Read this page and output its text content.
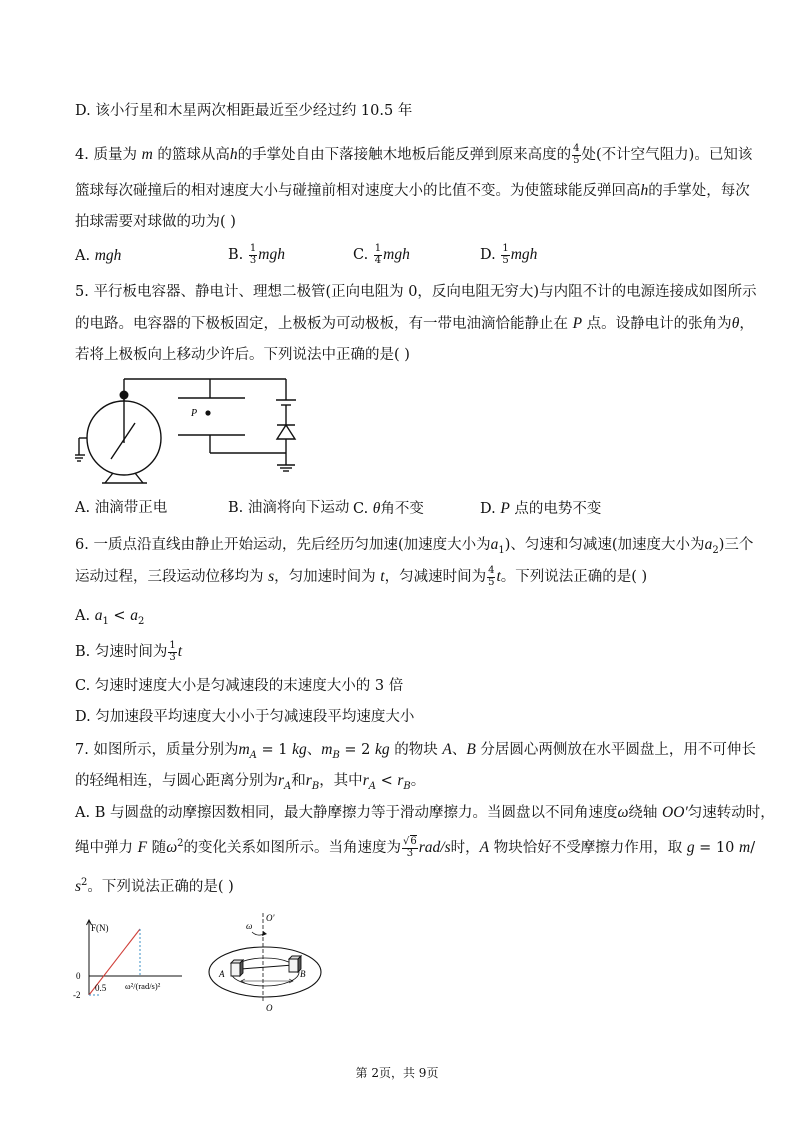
D. 该小行星和木星两次相距最近至少经过约 10.5 年
4. 质量为 m 的篮球从高h的手掌处自由下落接触木地板后能反弹到原来高度的 $\frac{4}{5}$ 处(不计空气阻力)。已知该
篮球每次碰撞后的相对速度大小与碰撞前相对速度大小的比值不变。为使篮球能反弹回高h的手掌处，每次
拍球需要对球做的功为( )
A. mgh	B. $\frac{1}{3}$ mgh	C. $\frac{1}{4}$ mgh	D. $\frac{1}{5}$ mgh
5. 平行板电容器、静电计、理想二极管(正向电阻为 0，反向电阻无穷大)与内阻不计的电源连接成如图所示
的电路。电容器的下极板固定，上极板为可动极板，有一带电油滴恰能静止在 P 点。设静电计的张角为θ，
若将上极板向上移动少许后。下列说法中正确的是( )
P
A. 油滴带正电	B. 油滴将向下运动 C. θ角不变	D. P 点的电势不变
6. 一质点沿直线由静止开始运动，先后经历匀加速(加速度大小为$a_1$)、匀速和匀减速(加速度大小为$a_2$)三个
运动过程，三段运动位移均为 s，匀加速时间为 t，匀减速时间为 $\frac{4}{5}$ t。下列说法正确的是( )
A. $a_1 < a_2$
B. 匀速时间为 $\frac{1}{3}$ t
C. 匀速时速度大小是匀减速段的末速度大小的 3 倍
D. 匀加速段平均速度大小小于匀减速段平均速度大小
7. 如图所示，质量分别为$m_A = 1$ kg、$m_B = 2$ kg 的物块 A、B 分居圆心两侧放在水平圆盘上，用不可伸长
的轻绳相连，与圆心距离分别为$r_A$和$r_B$，其中$r_A < r_B$。
A. B 与圆盘的动摩擦因数相同，最大静摩擦力等于滑动摩擦力。当圆盘以不同角速度ω绕轴 OO′匀速转动时，
绳中弹力 F 随$\omega^2$的变化关系如图所示。当角速度为 $\frac{√6}{3} rad/s$时，A 物块恰好不受摩擦力作用，取 g = 10 m/
$s^2$。下列说法正确的是( )
F(N)
0
-2
0.5 ω²/(rad/s)²
ω
O'
O
A	B
第 2页，共 9页
